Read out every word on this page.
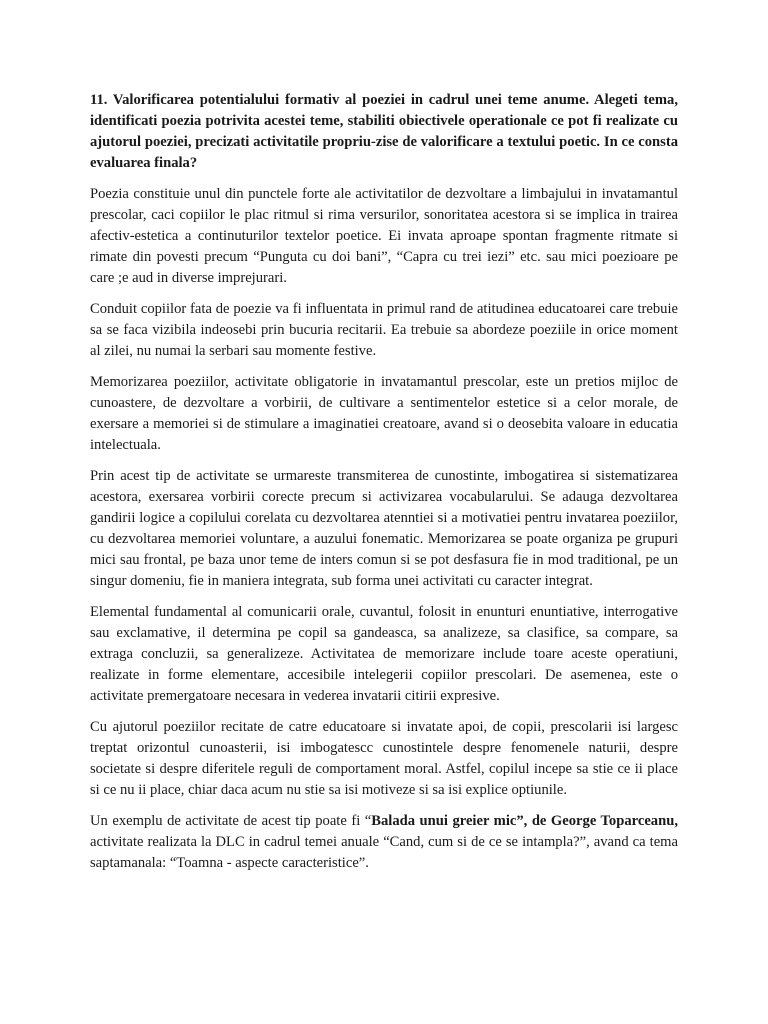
11. Valorificarea potentialului formativ al poeziei in cadrul unei teme anume. Alegeti tema, identificati poezia potrivita acestei teme, stabiliti obiectivele operationale ce pot fi realizate cu ajutorul poeziei, precizati activitatile propriu-zise de valorificare a textului poetic. In ce consta evaluarea finala?

Poezia constituie unul din punctele forte ale activitatilor de dezvoltare a limbajului in invatamantul prescolar, caci copiilor le plac ritmul si rima versurilor, sonoritatea acestora si se implica in trairea afectiv-estetica a continuturilor textelor poetice. Ei invata aproape spontan fragmente ritmate si rimate din povesti precum “Punguta cu doi bani”, “Capra cu trei iezi” etc. sau mici poezioare pe care ;e aud in diverse imprejurari.

Conduit copiilor fata de poezie va fi influentata in primul rand de atitudinea educatoarei care trebuie sa se faca vizibila indeosebi prin bucuria recitarii. Ea trebuie sa abordeze poeziile in orice moment al zilei, nu numai la serbari sau momente festive.

Memorizarea poeziilor, activitate obligatorie in invatamantul prescolar, este un pretios mijloc de cunoastere, de dezvoltare a vorbirii, de cultivare a sentimentelor estetice si a celor morale, de exersare a memoriei si de stimulare a imaginatiei creatoare, avand si o deosebita valoare in educatia intelectuala.

Prin acest tip de activitate se urmareste transmiterea de cunostinte, imbogatirea si sistematizarea acestora, exersarea vorbirii corecte precum si activizarea vocabularului. Se adauga dezvoltarea gandirii logice a copilului corelata cu dezvoltarea atenntiei si a motivatiei pentru invatarea poeziilor, cu dezvoltarea memoriei voluntare, a auzului fonematic. Memorizarea se poate organiza pe grupuri mici sau frontal, pe baza unor teme de inters comun si se pot desfasura fie in mod traditional, pe un singur domeniu, fie in maniera integrata, sub forma unei activitati cu caracter integrat.

Elemental fundamental al comunicarii orale, cuvantul, folosit in enunturi enuntiative, interrogative sau exclamative, il determina pe copil sa gandeasca, sa analizeze, sa clasifice, sa compare, sa extraga concluzii, sa generalizeze. Activitatea de memorizare include toare aceste operatiuni, realizate in forme elementare, accesibile intelegerii copiilor prescolari. De asemenea, este o activitate premergatoare necesara in vederea invatarii citirii expresive.

Cu ajutorul poeziilor recitate de catre educatoare si invatate apoi, de copii, prescolarii isi largesc treptat orizontul cunoasterii, isi imbogatescc cunostintele despre fenomenele naturii, despre societate si despre diferitele reguli de comportament moral. Astfel, copilul incepe sa stie ce ii place si ce nu ii place, chiar daca acum nu stie sa isi motiveze si sa isi explice optiunile.

Un exemplu de activitate de acest tip poate fi “Balada unui greier mic”, de George Toparceanu, activitate realizata la DLC in cadrul temei anuale “Cand, cum si de ce se intampla?”, avand ca tema saptamanala: “Toamna - aspecte caracteristice”.
